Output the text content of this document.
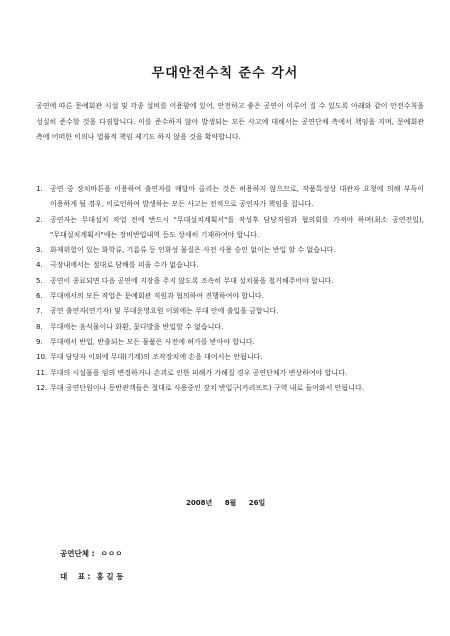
무대안전수칙 준수 각서
공연에 따른 문예회관 시설 및 각종 설비를 이용함에 있어, 안전하고 좋은 공연이 이루어 질 수 있도록 아래와 같이 안전수칙을 성실히 준수할 것을 다짐합니다. 이를 준수하지 않아 발생되는 모든 사고에 대해서는 공연단체 측에서 책임을 지며, 문예회관 측에 어떠한 이의나 법률적 책임 제기도 하지 않을 것을 확약합니다.
1. 공연 중 장치바튼을 이용하여 출연자를 매달아 올리는 것은 허용하지 않으므로, 작품특성상 대관자 요청에 의해 부득이 이용하게 될 경우, 이로인하여 발생하는 모든 사고는 전적으로 공연자가 책임을 집니다.
2. 공연자는 무대설치 작업 전에 반드시 "무대설치계획서"를 작성후 담당직원과 협의회를 가져야 하며(최소 공연전일), "무대설치계획서"에는 장비반입내역 등도 상세히 기재하여야 합니다.
3. 화재위험이 있는 화학류, 기름류 등 인화성 물질은 사전 사용 승인 없이는 반입 할 수 없습니다.
4. 극장내에서는 절대로 담배를 피울 수가 없습니다.
5. 공연이 종료되면 다음 공연에 지장을 주지 않도록 조속히 무대 설치물을 철거해주어야 합니다.
6. 무대에서의 모든 작업은 문예회관 직원과 협의하여 진행하여야 합니다.
7. 공연 출연자(연기자) 및 무대운영요원 이외에는 무대 안에 출입을 금합니다.
8. 무대에는 음식물이나 화환, 꽃다발을 반입할 수 없습니다.
9. 무대에서 반입, 반출되는 모든 물품은 사전에 허가를 받아야 합니다.
10. 무대 담당자 이외에 무대(기계)의 조작장치에 손을 대어서는 안됩니다.
11. 무대의 시설물을 임의 변경하거나 손괴로 인한 피해가 가해질 경우 공연단체가 변상하여야 합니다.
12. 무대 공연단원이나 동반관객들은 절대로 사용중인 장치 반입구(카리프트) 구역 내로 들어와서 안됩니다.
2008년 8월 26일
공연단체 : ㅇㅇㅇ
대    표 : 홍 길 동
